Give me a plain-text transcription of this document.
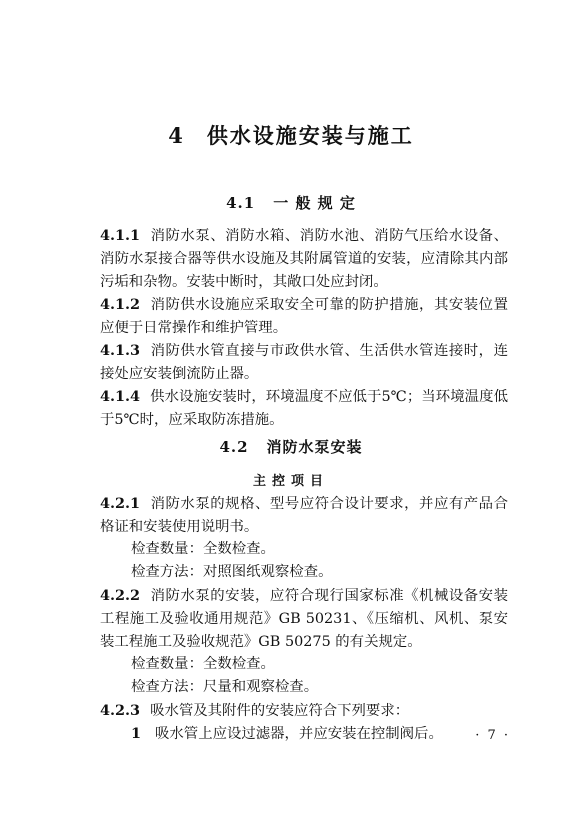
4 供水设施安装与施工
4.1 一 般 规 定

4.1.1 消防水泵、消防水箱、消防水池、消防气压给水设备、消防水泵接合器等供水设施及其附属管道的安装，应清除其内部污垢和杂物。安装中断时，其敞口处应封闭。

4.1.2 消防供水设施应采取安全可靠的防护措施，其安装位置应便于日常操作和维护管理。

4.1.3 消防供水管直接与市政供水管、生活供水管连接时，连接处应安装倒流防止器。

4.1.4 供水设施安装时，环境温度不应低于5℃；当环境温度低于5℃时，应采取防冻措施。

4.2 消防水泵安装
主控项目

4.2.1 消防水泵的规格、型号应符合设计要求，并应有产品合格证和安装使用说明书。

检查数量：全数检查。

检查方法：对照图纸观察检查。

4.2.2 消防水泵的安装，应符合现行国家标准《机械设备安装工程施工及验收通用规范》GB 50231、《压缩机、风机、泵安装工程施工及验收规范》GB 50275 的有关规定。

检查数量：全数检查。

检查方法：尺量和观察检查。

4.2.3 吸水管及其附件的安装应符合下列要求：

1 吸水管上应设过滤器，并应安装在控制阀后。	· 7 ·
